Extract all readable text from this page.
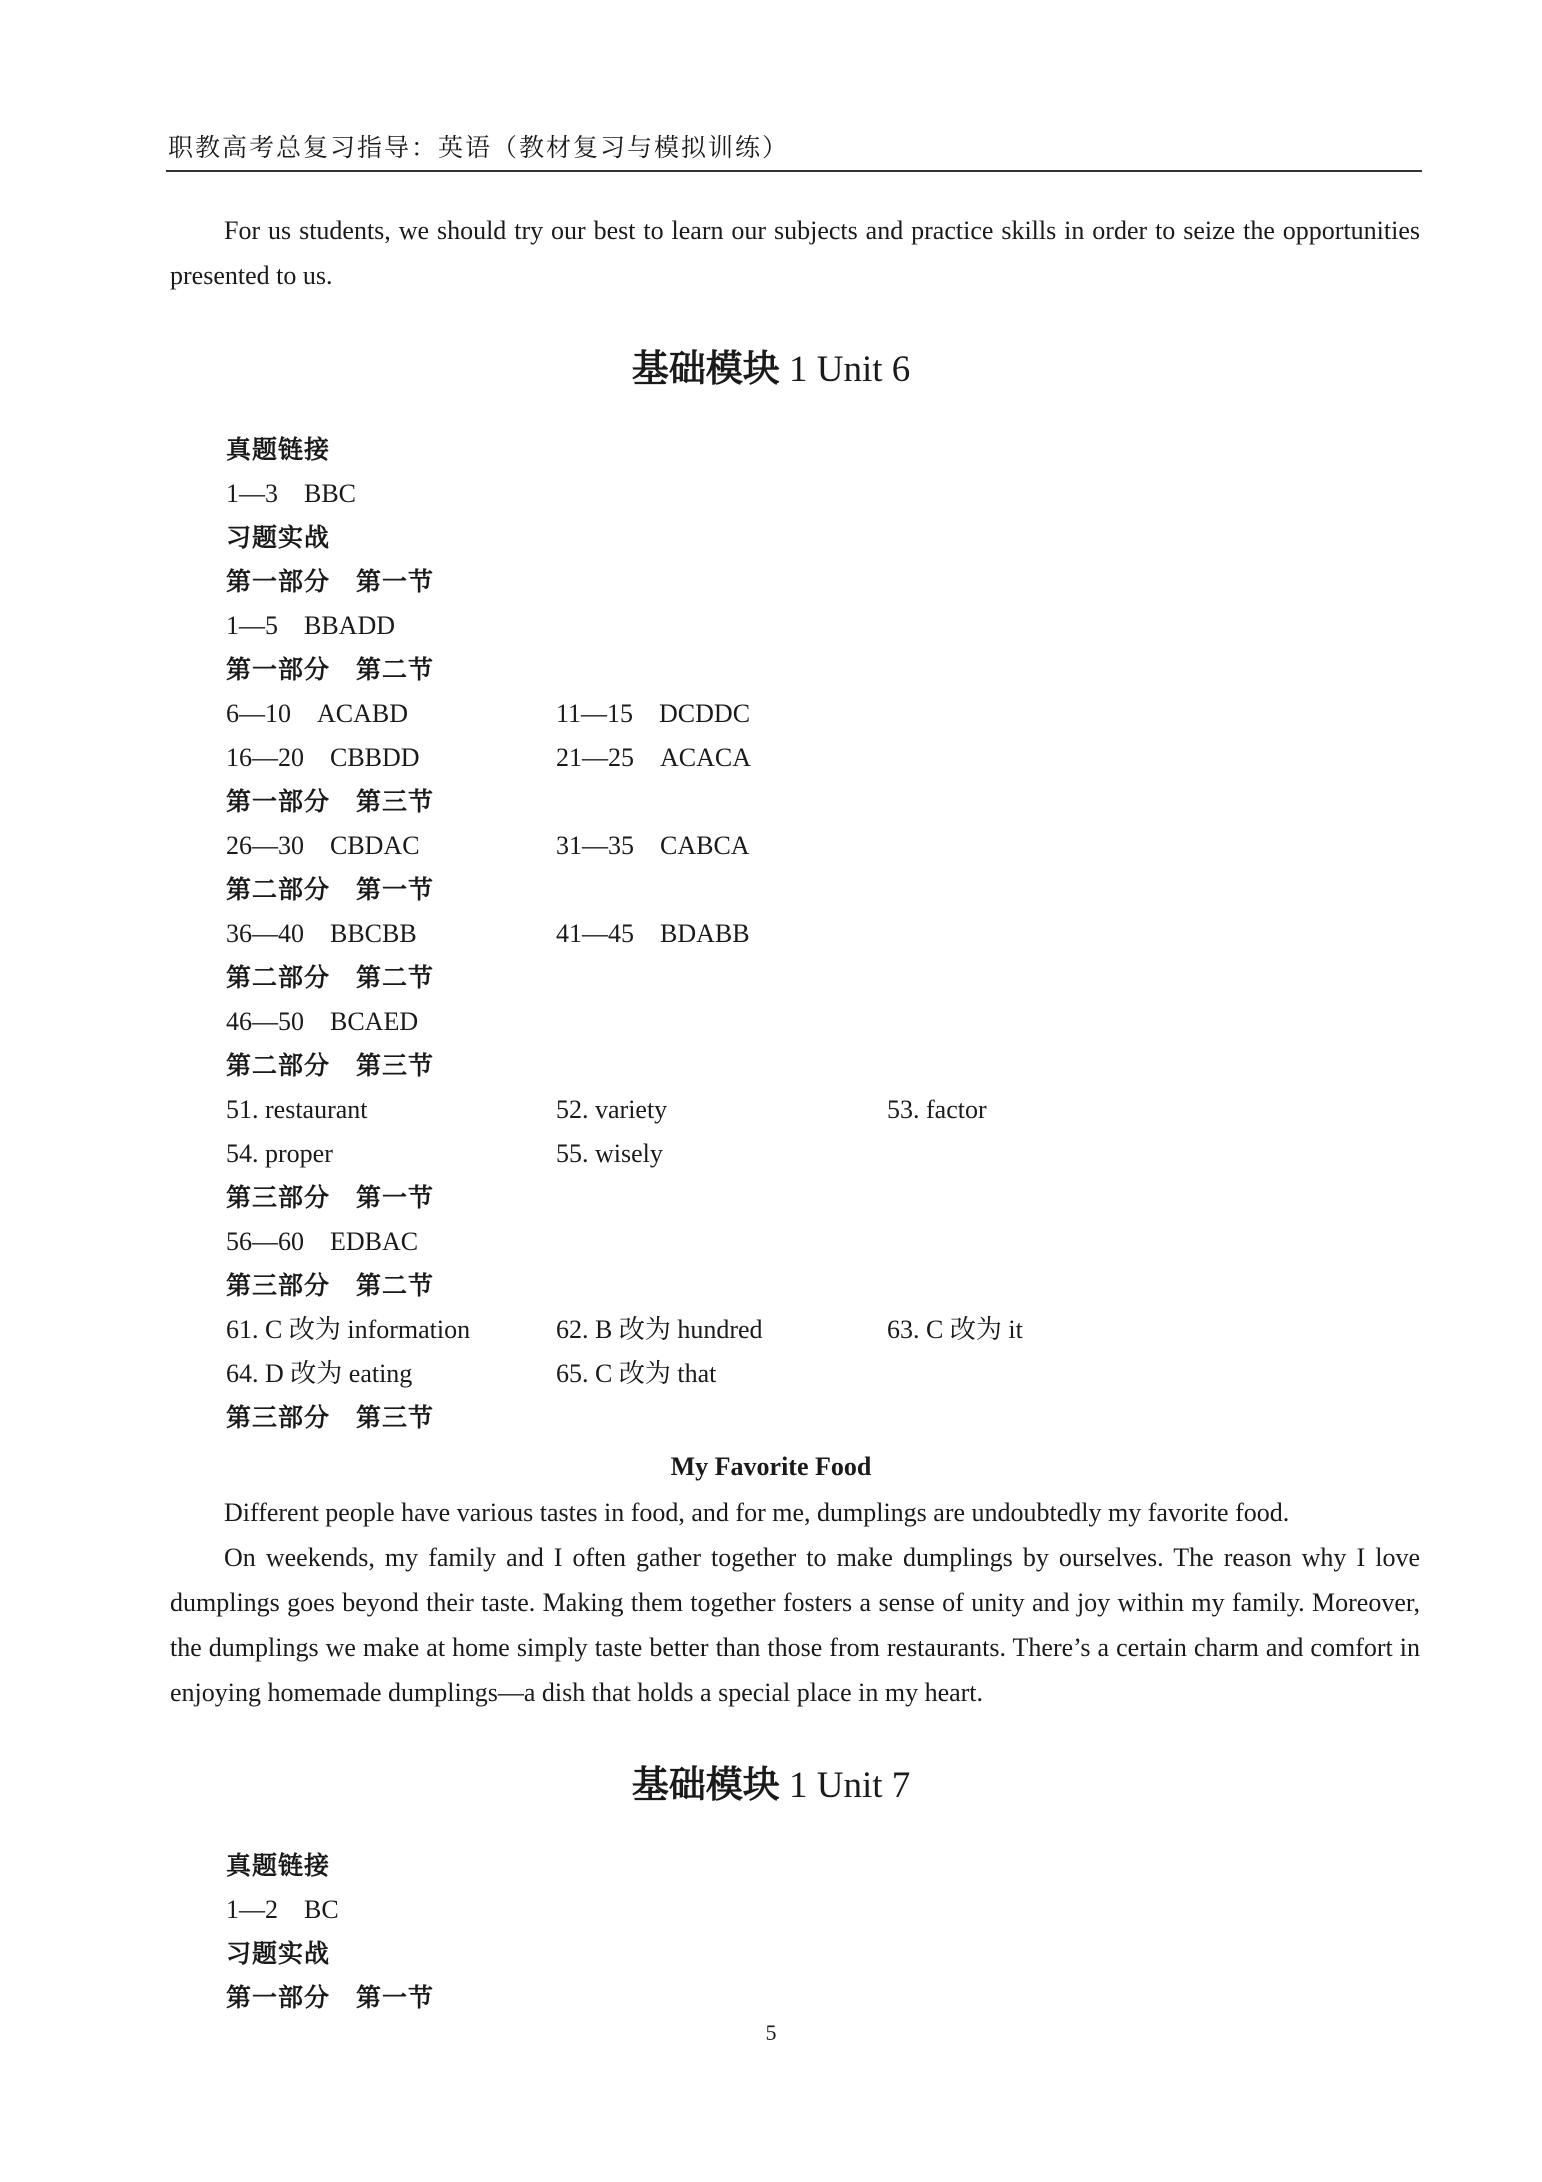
职教高考总复习指导：英语（教材复习与模拟训练）
For us students, we should try our best to learn our subjects and practice skills in order to seize the opportunities presented to us.
基础模块 1 Unit 6
真题链接
1—3　BBC
习题实战
第一部分　第一节
1—5　BBADD
第一部分　第二节
6—10　ACABD	11—15　DCDDC
16—20　CBBDD	21—25　ACACA
第一部分　第三节
26—30　CBDAC	31—35　CABCA
第二部分　第一节
36—40　BBCBB	41—45　BDABB
第二部分　第二节
46—50　BCAED
第二部分　第三节
51. restaurant	52. variety	53. factor
54. proper	55. wisely
第三部分　第一节
56—60　EDBAC
第三部分　第二节
61. C 改为 information	62. B 改为 hundred	63. C 改为 it
64. D 改为 eating	65. C 改为 that
第三部分　第三节
My Favorite Food
Different people have various tastes in food, and for me, dumplings are undoubtedly my favorite food.
On weekends, my family and I often gather together to make dumplings by ourselves. The reason why I love dumplings goes beyond their taste. Making them together fosters a sense of unity and joy within my family. Moreover, the dumplings we make at home simply taste better than those from restaurants. There’s a certain charm and comfort in enjoying homemade dumplings—a dish that holds a special place in my heart.
基础模块 1 Unit 7
真题链接
1—2　BC
习题实战
第一部分　第一节
5
